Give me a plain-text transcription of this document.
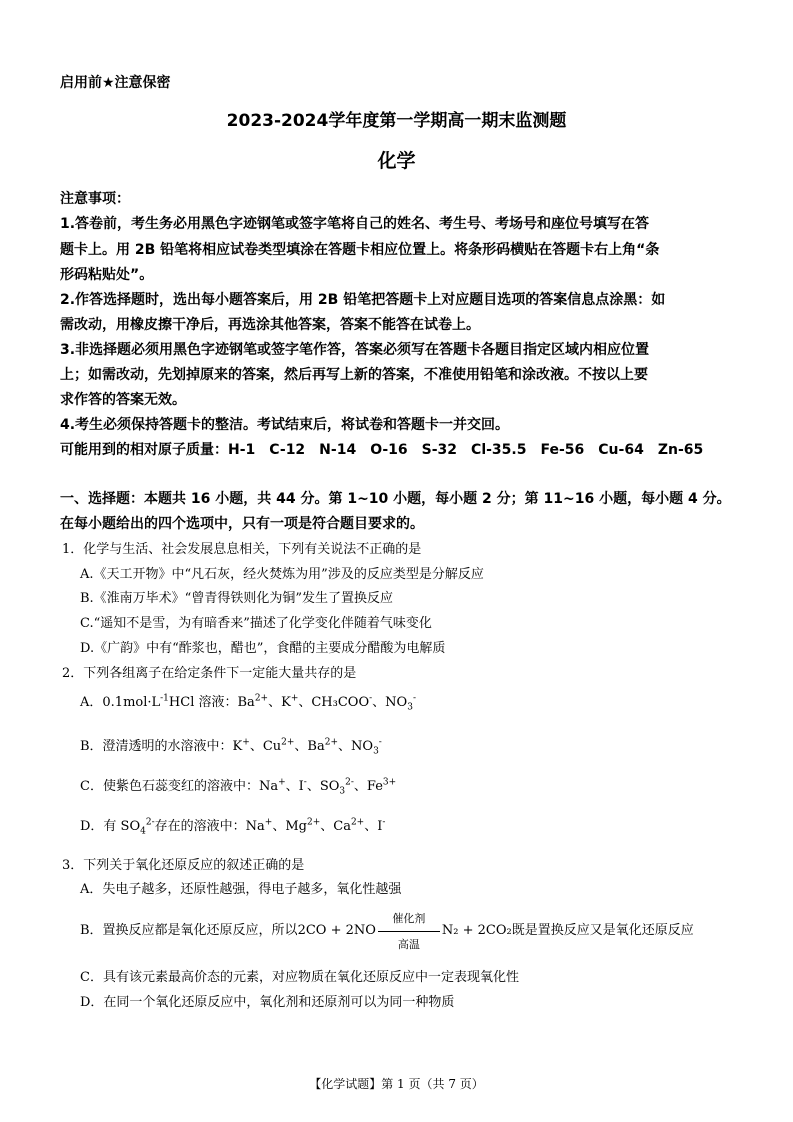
启用前★注意保密
2023-2024学年度第一学期高一期末监测题
化学
注意事项：
1.答卷前，考生务必用黑色字迹钢笔或签字笔将自己的姓名、考生号、考场号和座位号填写在答
题卡上。用 2B 铅笔将相应试卷类型填涂在答题卡相应位置上。将条形码横贴在答题卡右上角“条
形码粘贴处”。
2.作答选择题时，选出每小题答案后，用 2B 铅笔把答题卡上对应题目选项的答案信息点涂黑：如
需改动，用橡皮擦干净后，再选涂其他答案，答案不能答在试卷上。
3.非选择题必须用黑色字迹钢笔或签字笔作答，答案必须写在答题卡各题目指定区域内相应位置
上；如需改动，先划掉原来的答案，然后再写上新的答案，不准使用铅笔和涂改液。不按以上要
求作答的答案无效。
4.考生必须保持答题卡的整洁。考试结束后，将试卷和答题卡一并交回。
可能用到的相对原子质量：H-1 C-12 N-14 O-16 S-32 Cl-35.5 Fe-56 Cu-64 Zn-65
一、选择题：本题共 16 小题，共 44 分。第 1~10 小题，每小题 2 分；第 11~16 小题，每小题 4 分。
在每小题给出的四个选项中，只有一项是符合题目要求的。
1．化学与生活、社会发展息息相关，下列有关说法不正确的是
A.《天工开物》中“凡石灰，经火焚炼为用”涉及的反应类型是分解反应
B.《淮南万毕术》“曾青得铁则化为铜”发生了置换反应
C.“遥知不是雪，为有暗香来”描述了化学变化伴随着气味变化
D.《广韵》中有“酢浆也，醋也”，食醋的主要成分醋酸为电解质
2．下列各组离子在给定条件下一定能大量共存的是
A．$0.1mol\cdot L^{-1}HCl$ 溶液：$Ba^{2+}$、K+、CH₃COO-、$NO_3^-$
B．澄清透明的水溶液中：K+、$Cu^{2+}$、$Ba^{2+}$、$NO_3^-$
C．使紫色石蕊变红的溶液中：Na+、I-、$SO_3^{2-}$、$Fe^{3+}$
D．有 $SO_4^{2-}$存在的溶液中：Na+、$Mg^{2+}$、$Ca^{2+}$、I-
3．下列关于氧化还原反应的叙述正确的是
A．失电子越多，还原性越强，得电子越多，氧化性越强
B．置换反应都是氧化还原反应，所以2CO + 2NO
催化剂
高温
N₂ + 2CO₂既是置换反应又是氧化还原反应
C．具有该元素最高价态的元素，对应物质在氧化还原反应中一定表现氧化性
D．在同一个氧化还原反应中，氧化剂和还原剂可以为同一种物质
【化学试题】第 1 页（共 7 页）
